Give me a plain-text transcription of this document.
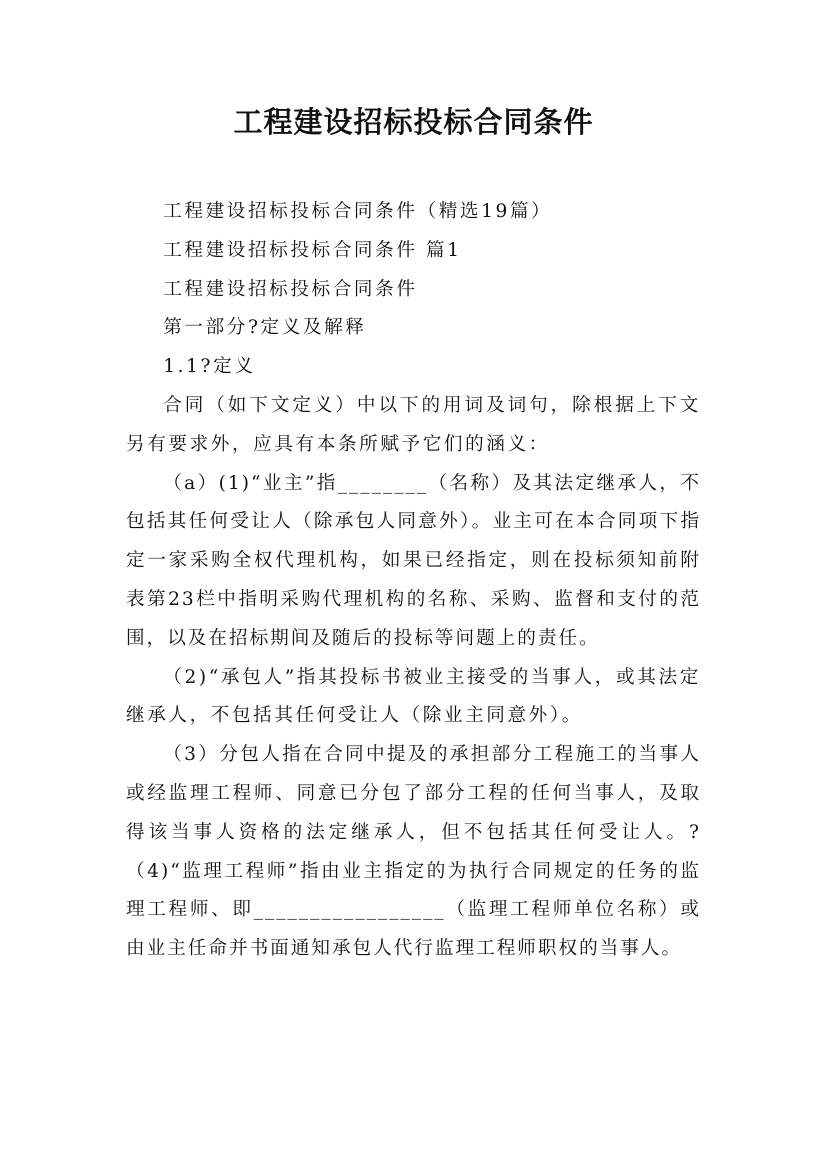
工程建设招标投标合同条件

工程建设招标投标合同条件（精选19篇）

工程建设招标投标合同条件 篇1

工程建设招标投标合同条件

第一部分?定义及解释

1.1?定义

合同（如下文定义）中以下的用词及词句，除根据上下文另有要求外，应具有本条所赋予它们的涵义：

（a）(1)“业主”指________（名称）及其法定继承人，不包括其任何受让人（除承包人同意外）。业主可在本合同项下指定一家采购全权代理机构，如果已经指定，则在投标须知前附表第23栏中指明采购代理机构的名称、采购、监督和支付的范围，以及在招标期间及随后的投标等问题上的责任。

（2)“承包人”指其投标书被业主接受的当事人，或其法定继承人，不包括其任何受让人（除业主同意外）。

（3）分包人指在合同中提及的承担部分工程施工的当事人或经监理工程师、同意已分包了部分工程的任何当事人，及取得该当事人资格的法定继承人，但不包括其任何受让人。?（4)“监理工程师”指由业主指定的为执行合同规定的任务的监理工程师、即_________________（监理工程师单位名称）或由业主任命并书面通知承包人代行监理工程师职权的当事人。
